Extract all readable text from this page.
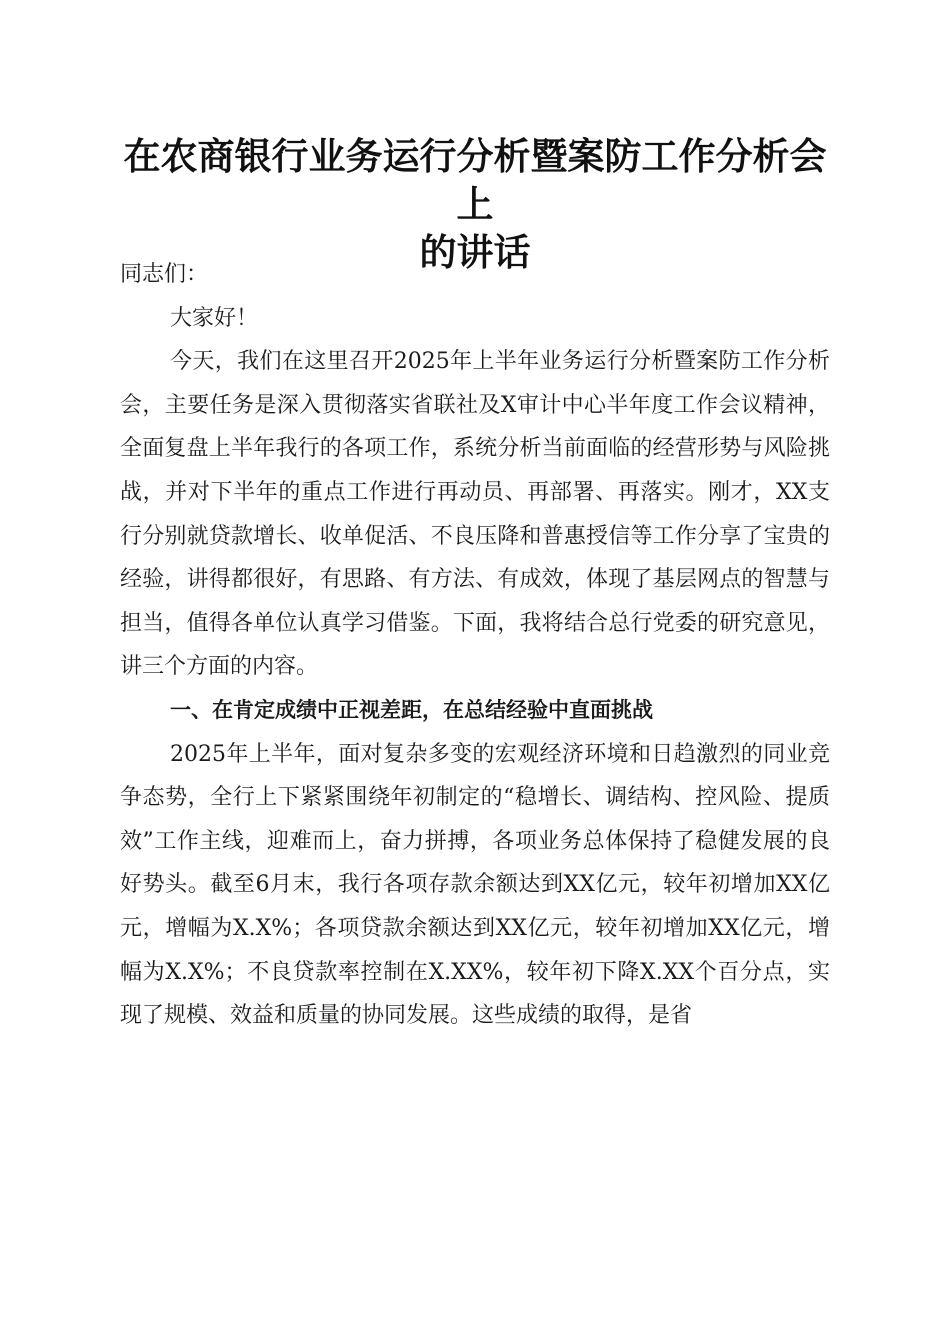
在农商银行业务运行分析暨案防工作分析会上
的讲话

同志们：

大家好！

今天，我们在这里召开2025年上半年业务运行分析暨案防工作分析会，主要任务是深入贯彻落实省联社及X审计中心半年度工作会议精神，全面复盘上半年我行的各项工作，系统分析当前面临的经营形势与风险挑战，并对下半年的重点工作进行再动员、再部署、再落实。刚才，XX支行分别就贷款增长、收单促活、不良压降和普惠授信等工作分享了宝贵的经验，讲得都很好，有思路、有方法、有成效，体现了基层网点的智慧与担当，值得各单位认真学习借鉴。下面，我将结合总行党委的研究意见，讲三个方面的内容。

一、在肯定成绩中正视差距，在总结经验中直面挑战

2025年上半年，面对复杂多变的宏观经济环境和日趋激烈的同业竞争态势，全行上下紧紧围绕年初制定的“稳增长、调结构、控风险、提质效”工作主线，迎难而上，奋力拼搏，各项业务总体保持了稳健发展的良好势头。截至6月末，我行各项存款余额达到XX亿元，较年初增加XX亿元，增幅为X.X%；各项贷款余额达到XX亿元，较年初增加XX亿元，增幅为X.X%；不良贷款率控制在X.XX%，较年初下降X.XX个百分点，实现了规模、效益和质量的协同发展。这些成绩的取得，是省
